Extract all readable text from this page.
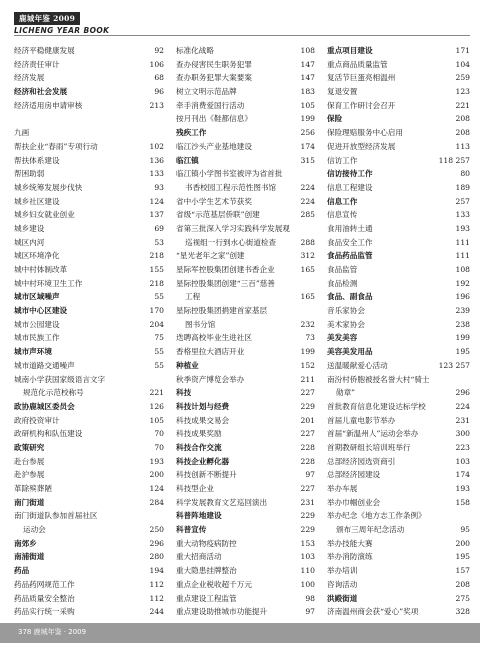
鹿城年鉴 2009
LICHENG YEAR BOOK
经济平稳健康发展	92
经济责任审计	106
经济发展	68
经济和社会发展	96
经济适用房申请审核	213
九画
帮扶企业“春雨”专项行动	102
帮扶体系建设	136
帮困助弱	133
城乡统筹发展步伐快	93
城乡社区建设	124
城乡妇女就业创业	137
城乡建设	69
城区内河	53
城区环境净化	218
城中村体制改革	155
城中村环境卫生工作	218
城市区域噪声	55
城市中心区建设	170
城市公园建设	204
城市民族工作	75
城市声环境	55
城市道路交通噪声	55
城南小学获国家级语言文字
规范化示范校称号	221
政协鹿城区委员会	126
政府投资审计	105
政研机构和队伍建设	70
政策研究	70
赴台参展	193
赴沪参展	200
革除殡葬陋	124
南门街道	284
南门街道队参加首届社区
运动会	250
南郊乡	296
南浦街道	280
药品	194
药品药网规范工作	112
药品质量安全整治	112
药品实行统一采购	244
标准化战略	108
查办侵害民生职务犯罪	147
查办职务犯罪大案要案	147
树立文明示范品牌	183
牵手消费爱国行活动	105
按月刊出《鞋都信息》	199
残疾工作	256
临江沙头产业基地建设	174
临江镇	315
临江镇小学图书室被评为省首批
书香校园工程示范性图书馆	224
省中小学生艺术节获奖	224
省级“示范基层侨联”创建	285
省第三批深入学习实践科学发展观
巡视组一行到水心街道检查	288
“星光老年之家”创建	312
星际军控股集团创建书香企业	165
星际控股集团创建“三百”慈善
工程	165
星际控股集团捐建首家基层
图书分馆	232
迭聘高校毕业生进社区	73
香格里拉大酒店开业	199
种植业	152
秋季资产博览会举办	211
科技	227
科技计划与经费	229
科技成果交易会	201
科技成果奖励	227
科技合作交流	228
科技企业孵化器	228
科技创新不断提升	97
科技型企业	227
科学发展教育文艺巡回演出	231
科普阵地建设	229
科普宣传	229
重大动物疫病防控	153
重大招商活动	103
重大隐患挂牌整治	110
重点企业税收超千万元	100
重点建设工程监管	98
重点建设助推城市功能提升	97
重点项目建设	171
重点商品质量监管	104
复活节巨蛋亮相温州	259
复退安置	123
保育工作研讨会召开	221
保险	208
保险理赔服务中心启用	208
促进开放型经济发展	113
信访工作	118 257
信访接待工作	80
信息工程建设	189
信息工作	257
信息宣传	133
食用油转土通	193
食品安全工作	111
食品药品监管	111
食品监管	108
食品检测	192
食品、副食品	196
音乐家协会	239
美术家协会	238
美发美容	199
美容美发用品	195
送温暖献爱心活动	123 257
南汾村侨胞被授名誉大村“骑士
勋章”	296
首批教育信息化建设达标学校	224
首届儿童电影节举办	231
首届“新温州人”运动会举办	300
首期教研组长培训班举行	223
总部经济园选资商引	103
总部经济园建设	174
举办车展	193
举办巾帼创业会	158
举办纪念《地方志工作条例》
颁布三周年纪念活动	95
举办技能大赛	200
举办消防演练	195
举办培训	157
咨询活动	208
洪殿街道	275
济南温州商会获“爱心”奖项	328
378 鹿城年鉴 · 2009
